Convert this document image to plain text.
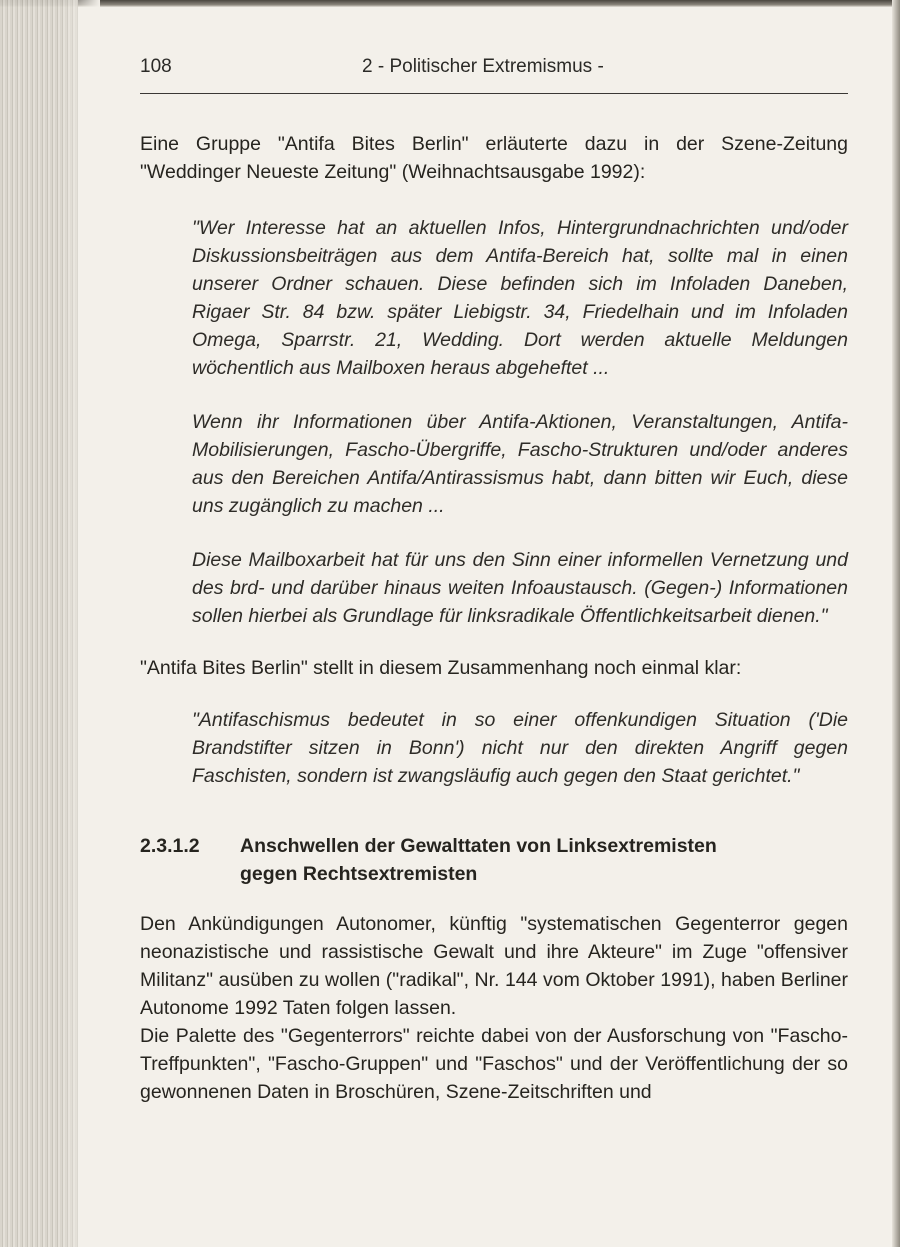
108	2 - Politischer Extremismus -

Eine Gruppe "Antifa Bites Berlin" erläuterte dazu in der Szene-Zeitung "Weddinger Neueste Zeitung" (Weihnachtsausgabe 1992):

"Wer Interesse hat an aktuellen Infos, Hintergrundnachrichten und/oder Diskussionsbeiträgen aus dem Antifa-Bereich hat, sollte mal in einen unserer Ordner schauen. Diese befinden sich im Infoladen Daneben, Rigaer Str. 84 bzw. später Liebigstr. 34, Friedelhain und im Infoladen Omega, Sparrstr. 21, Wedding. Dort werden aktuelle Meldungen wöchentlich aus Mailboxen heraus abgeheftet ...

Wenn ihr Informationen über Antifa-Aktionen, Veranstaltungen, Antifa-Mobilisierungen, Fascho-Übergriffe, Fascho-Strukturen und/oder anderes aus den Bereichen Antifa/Antirassismus habt, dann bitten wir Euch, diese uns zugänglich zu machen ...

Diese Mailboxarbeit hat für uns den Sinn einer informellen Vernetzung und des brd- und darüber hinaus weiten Infoaustausch. (Gegen-) Informationen sollen hierbei als Grundlage für linksradikale Öffentlichkeitsarbeit dienen."

"Antifa Bites Berlin" stellt in diesem Zusammenhang noch einmal klar:

"Antifaschismus bedeutet in so einer offenkundigen Situation ('Die Brandstifter sitzen in Bonn') nicht nur den direkten Angriff gegen Faschisten, sondern ist zwangsläufig auch gegen den Staat gerichtet."

2.3.1.2	Anschwellen der Gewalttaten von Linksextremisten
gegen Rechtsextremisten

Den Ankündigungen Autonomer, künftig "systematischen Gegenterror gegen neonazistische und rassistische Gewalt und ihre Akteure" im Zuge "offensiver Militanz" ausüben zu wollen ("radikal", Nr. 144 vom Oktober 1991), haben Berliner Autonome 1992 Taten folgen lassen.

Die Palette des "Gegenterrors" reichte dabei von der Ausforschung von "Fascho-Treffpunkten", "Fascho-Gruppen" und "Faschos" und der Veröffentlichung der so gewonnenen Daten in Broschüren, Szene-Zeitschriften und
